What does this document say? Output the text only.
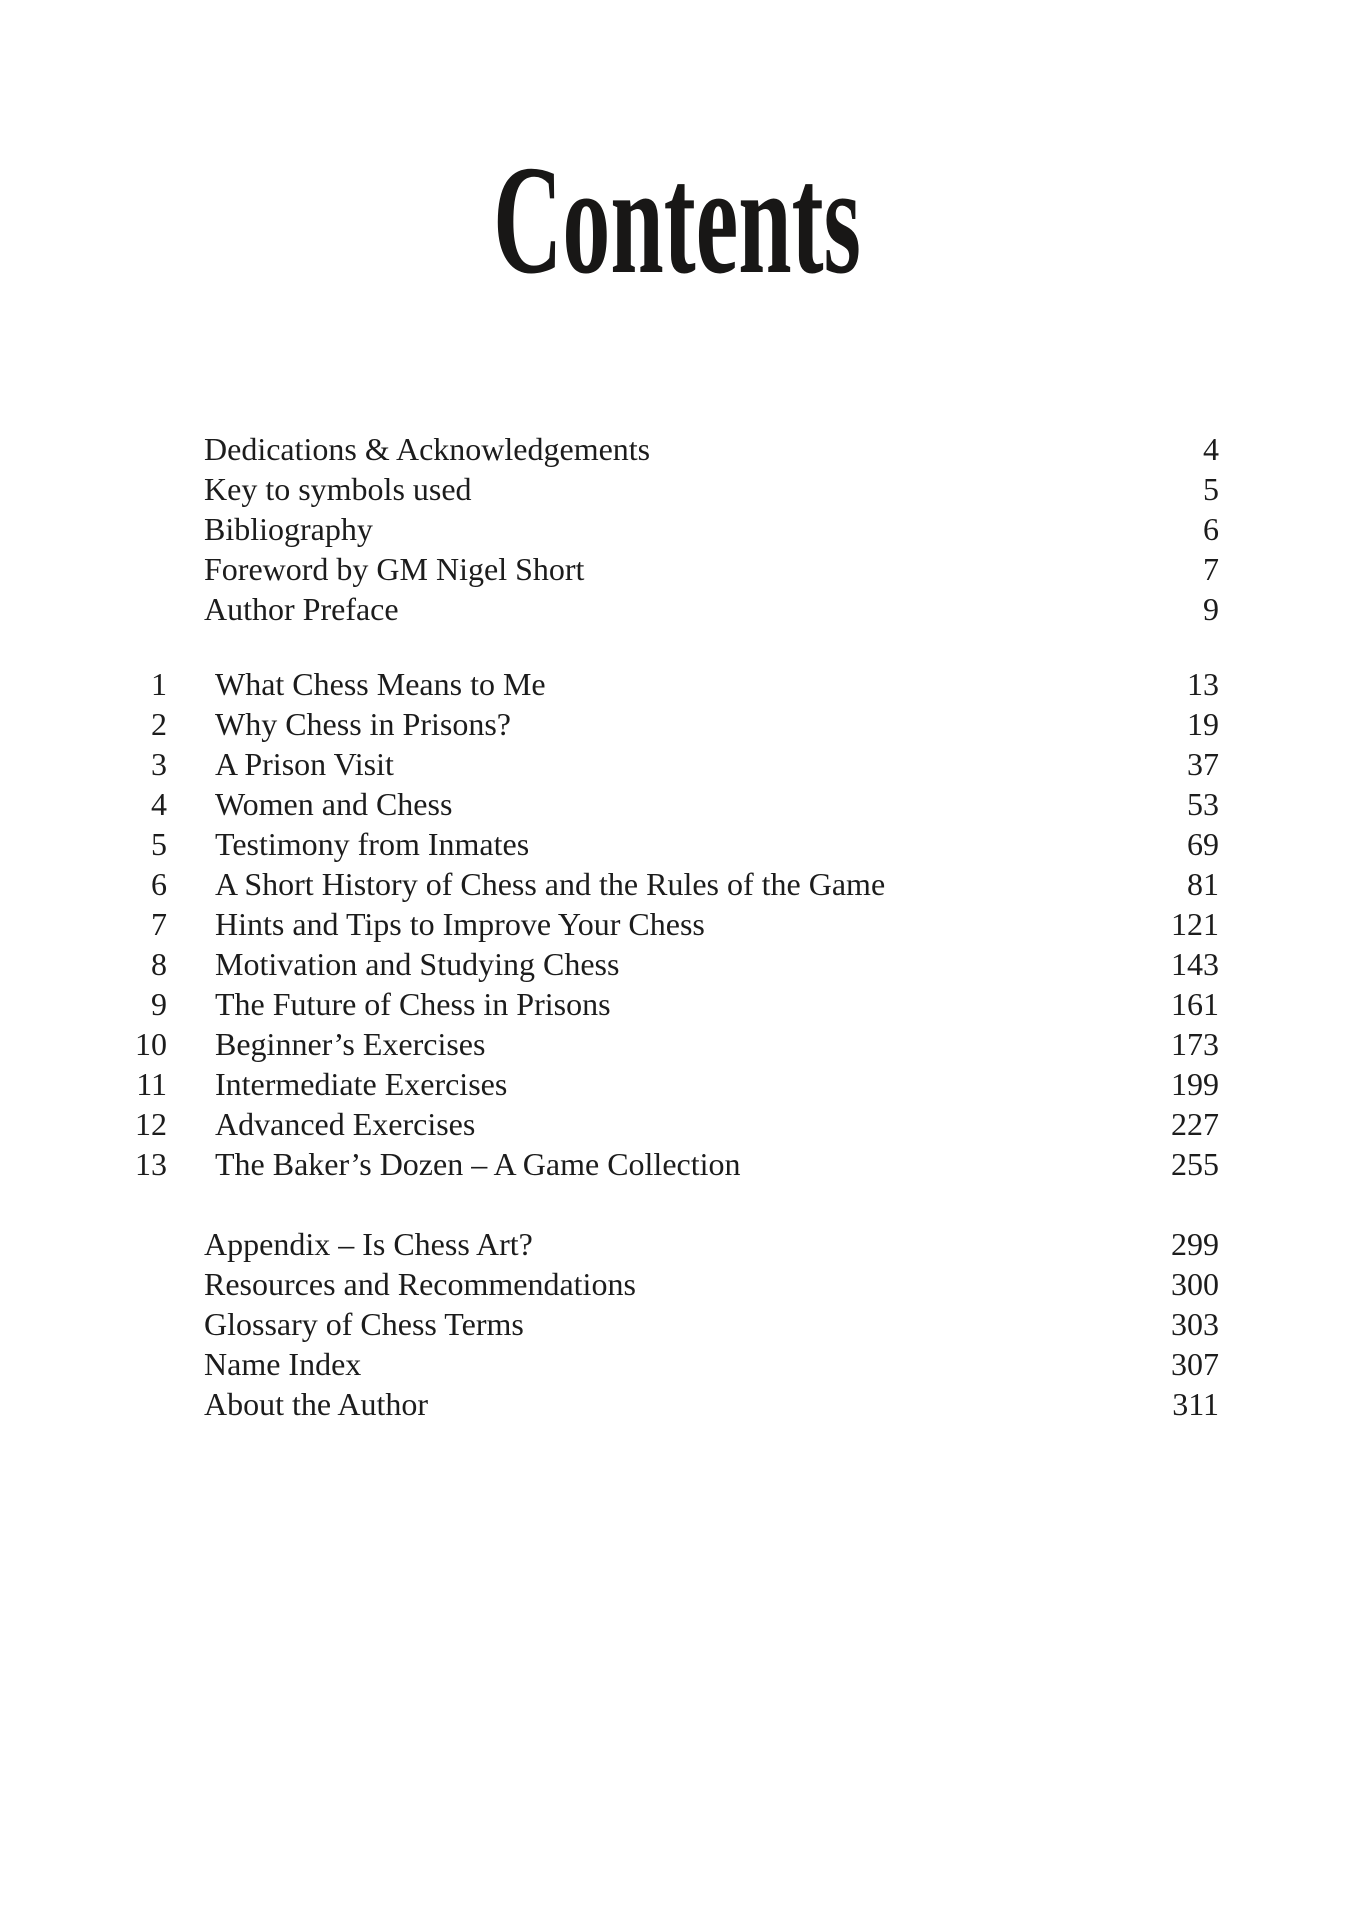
Contents
Dedications & Acknowledgements	4
Key to symbols used	5
Bibliography	6
Foreword by GM Nigel Short	7
Author Preface	9
1 What Chess Means to Me	13
2 Why Chess in Prisons?	19
3 A Prison Visit	37
4 Women and Chess	53
5 Testimony from Inmates	69
6 A Short History of Chess and the Rules of the Game	81
7 Hints and Tips to Improve Your Chess	121
8 Motivation and Studying Chess	143
9 The Future of Chess in Prisons	161
10 Beginner’s Exercises	173
11 Intermediate Exercises	199
12 Advanced Exercises	227
13 The Baker’s Dozen – A Game Collection	255
Appendix – Is Chess Art?	299
Resources and Recommendations	300
Glossary of Chess Terms	303
Name Index	307
About the Author	311
